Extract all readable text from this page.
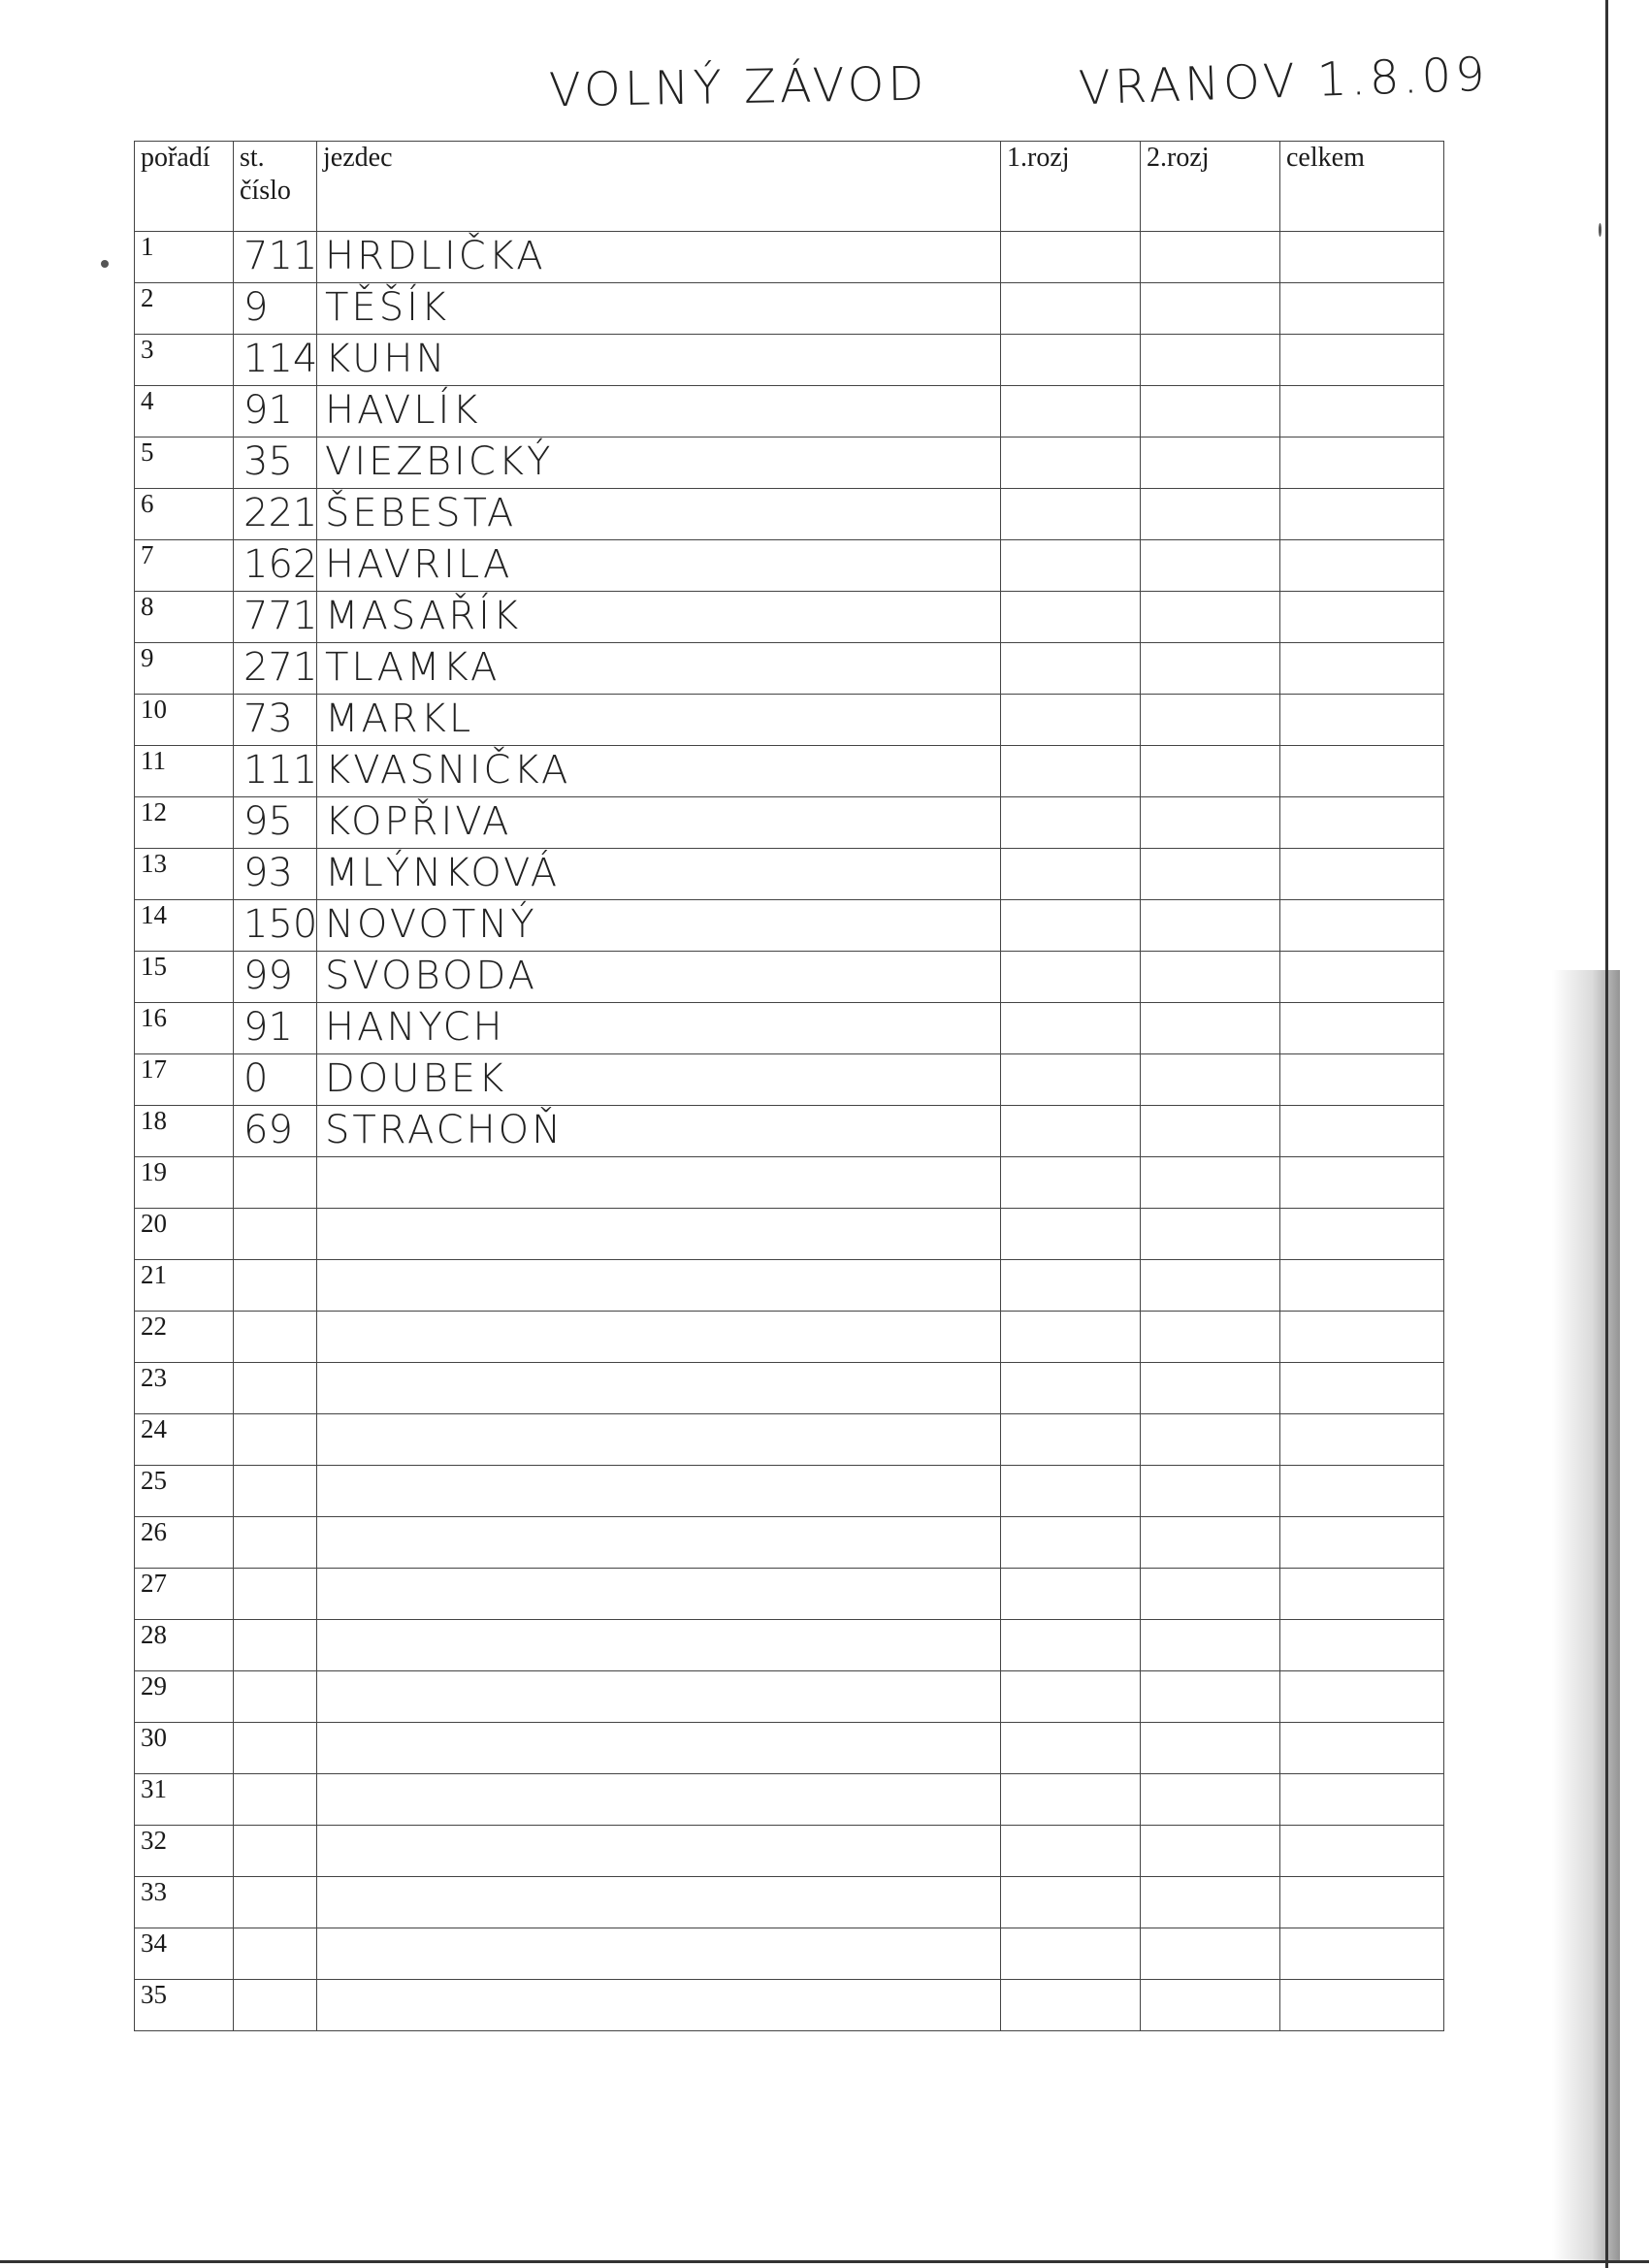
VOLNÝ ZÁVOD	VRANOV 1.8.09
pořadí	st.
číslo	jezdec	1.rozj	2.rozj	celkem
1	711	HRDLIČKA			

2	9	TĚŠÍK			

3	114	KUHN			

4	91	HAVLÍK			

5	35	VIEZBICKÝ			

6	221	ŠEBESTA			

7	162	HAVRILA			

8	771	MASAŘÍK			

9	271	TLAMKA			

10	73	MARKL			

11	111	KVASNIČKA			

12	95	KOPŘIVA			

13	93	MLÝNKOVÁ			

14	150	NOVOTNÝ			

15	99	SVOBODA			

16	91	HANYCH			

17	0	DOUBEK			

18	69	STRACHOŇ			

19	

20	

21	

22	

23	

24	

25	

26	

27	

28	

29	

30	

31	

32	

33	

34	

35	
